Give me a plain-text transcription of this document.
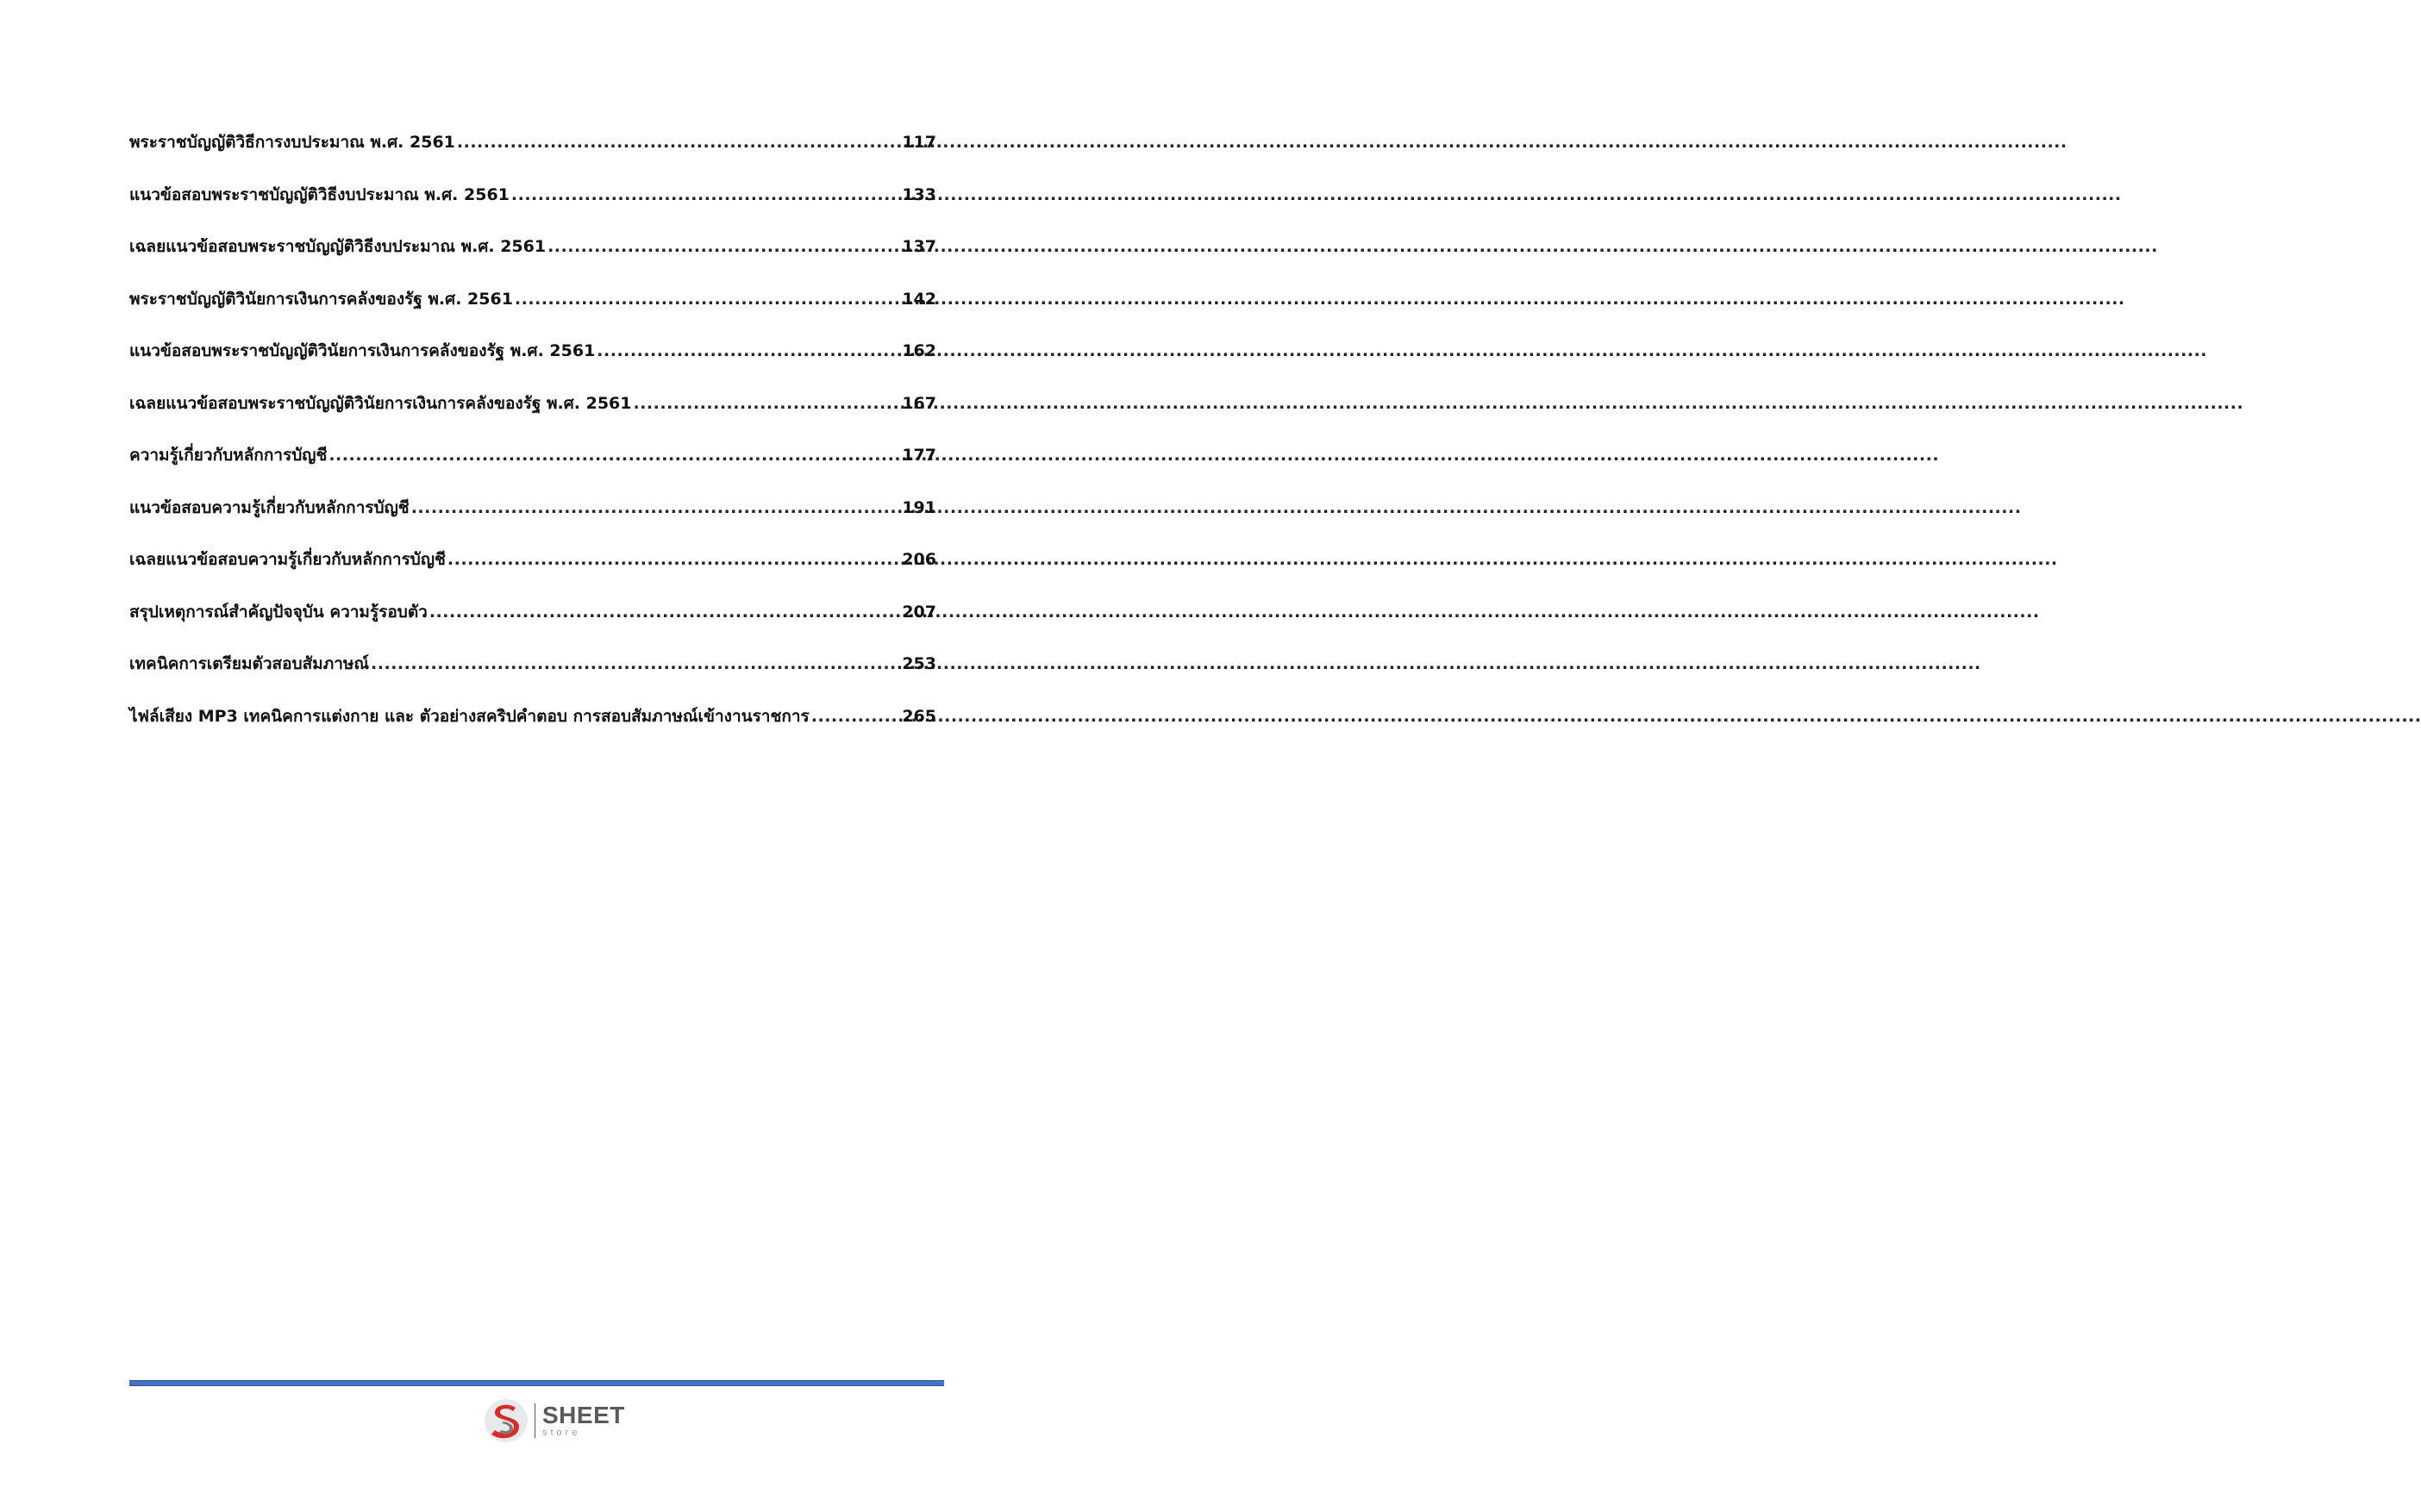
พระราชบัญญัติวิธีการงบประมาณ พ.ศ. 2561 .....	117
แนวข้อสอบพระราชบัญญัติวิธีงบประมาณ พ.ศ. 2561 .....	133
เฉลยแนวข้อสอบพระราชบัญญัติวิธีงบประมาณ พ.ศ. 2561 .....	137
พระราชบัญญัติวินัยการเงินการคลังของรัฐ พ.ศ. 2561 .....	142
แนวข้อสอบพระราชบัญญัติวินัยการเงินการคลังของรัฐ พ.ศ. 2561 .....	162
เฉลยแนวข้อสอบพระราชบัญญัติวินัยการเงินการคลังของรัฐ พ.ศ. 2561 .....	167
ความรู้เกี่ยวกับหลักการบัญชี .....	177
แนวข้อสอบความรู้เกี่ยวกับหลักการบัญชี .....	191
เฉลยแนวข้อสอบความรู้เกี่ยวกับหลักการบัญชี .....	206
สรุปเหตุการณ์สำคัญปัจจุบัน ความรู้รอบตัว .....	207
เทคนิคการเตรียมตัวสอบสัมภาษณ์ .....	253
ไฟล์เสียง MP3 เทคนิคการแต่งกาย และ ตัวอย่างสคริปคำตอบ การสอบสัมภาษณ์เข้างานราชการ .....	265
SHEET
store
